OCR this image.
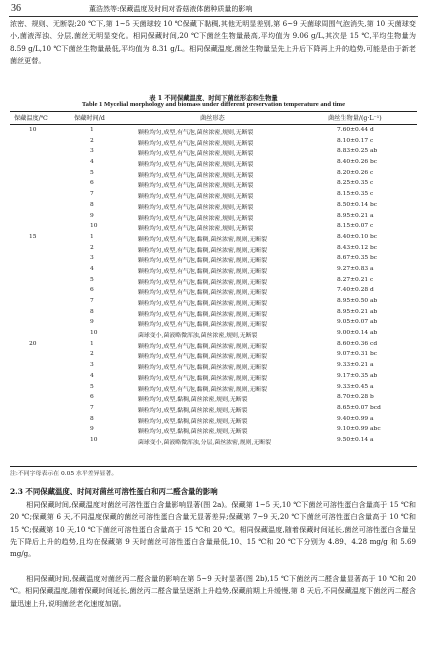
36	董浩然等:保藏温度及时间对香菇液体菌种质量的影响

浓密、规则、无断裂;20 ℃下,第 1~5 天菌球较 10 ℃保藏下黏稠,其他无明显差别,第 6~9 天菌球周围气泡消失,第 10 天菌球变小,菌液浑浊、分层,菌丝无明显变化。相同保藏时间,20 ℃下菌丝生物量最高,平均值为 9.06 g/L,其次是 15 ℃,平均生物量为 8.59 g/L,10 ℃下菌丝生物量最低,平均值为 8.31 g/L。相同保藏温度,菌丝生物量呈先上升后下降再上升的趋势,可能是由于新老菌丝更替。

表 1 不同保藏温度、时间下菌丝形态和生物量
Table 1 Mycelial morphology and biomass under different preservation temperature and time
保藏温度/℃	保藏时间/d	菌丝形态	菌丝生物量/(g·L⁻¹)
10	1	颗粒均匀,成型,有气泡,菌丝浓密,规则,无断裂	7.60±0.44 d
2	颗粒均匀,成型,有气泡,菌丝浓密,规则,无断裂	8.10±0.17 c
3	颗粒均匀,成型,有气泡,菌丝浓密,规则,无断裂	8.83±0.25 ab
4	颗粒均匀,成型,有气泡,菌丝浓密,规则,无断裂	8.40±0.26 bc
5	颗粒均匀,成型,有气泡,菌丝浓密,规则,无断裂	8.20±0.26 c
6	颗粒均匀,成型,有气泡,菌丝浓密,规则,无断裂	8.25±0.35 c
7	颗粒均匀,成型,有气泡,菌丝浓密,规则,无断裂	8.15±0.35 c
8	颗粒均匀,成型,有气泡,菌丝浓密,规则,无断裂	8.50±0.14 bc
9	颗粒均匀,成型,有气泡,菌丝浓密,规则,无断裂	8.95±0.21 a
10	颗粒均匀,成型,有气泡,菌丝浓密,规则,无断裂	8.15±0.07 c
15	1	颗粒均匀,成型,有气泡,黏稠,菌丝浓密,规则,无断裂	8.40±0.10 bc
2	颗粒均匀,成型,有气泡,黏稠,菌丝浓密,规则,无断裂	8.43±0.12 bc
3	颗粒均匀,成型,有气泡,黏稠,菌丝浓密,规则,无断裂	8.67±0.35 bc
4	颗粒均匀,成型,有气泡,黏稠,菌丝浓密,规则,无断裂	9.27±0.83 a
5	颗粒均匀,成型,有气泡,黏稠,菌丝浓密,规则,无断裂	8.27±0.21 c
6	颗粒均匀,成型,有气泡,黏稠,菌丝浓密,规则,无断裂	7.40±0.28 d
7	颗粒均匀,成型,有气泡,黏稠,菌丝浓密,规则,无断裂	8.95±0.50 ab
8	颗粒均匀,成型,有气泡,黏稠,菌丝浓密,规则,无断裂	8.95±0.21 ab
9	颗粒均匀,成型,有气泡,黏稠,菌丝浓密,规则,无断裂	9.05±0.07 ab
10	菌球变小,菌液略微浑浊,菌丝浓密,规则,无断裂	9.00±0.14 ab
20	1	颗粒均匀,成型,有气泡,黏稠,菌丝浓密,规则,无断裂	8.60±0.36 cd
2	颗粒均匀,成型,有气泡,黏稠,菌丝浓密,规则,无断裂	9.07±0.31 bc
3	颗粒均匀,成型,有气泡,黏稠,菌丝浓密,规则,无断裂	9.33±0.21 a
4	颗粒均匀,成型,有气泡,黏稠,菌丝浓密,规则,无断裂	9.17±0.35 ab
5	颗粒均匀,成型,有气泡,黏稠,菌丝浓密,规则,无断裂	9.33±0.45 a
6	颗粒均匀,成型,黏稠,菌丝浓密,规则,无断裂	8.70±0.28 b
7	颗粒均匀,成型,黏稠,菌丝浓密,规则,无断裂	8.65±0.07 bcd
8	颗粒均匀,成型,黏稠,菌丝浓密,规则,无断裂	9.40±0.99 a
9	颗粒均匀,成型,黏稠,菌丝浓密,规则,无断裂	9.10±0.99 abc
10	菌球变小,菌液略微浑浊,分层,菌丝浓密,规则,无断裂	9.50±0.14 a
注:不同字母表示在 0.05 水平差异显著。
2.3 不同保藏温度、时间对菌丝可溶性蛋白和丙二醛含量的影响

相同保藏时间,保藏温度对菌丝可溶性蛋白含量影响显著(图 2a)。保藏第 1~5 天,10 ℃下菌丝可溶性蛋白含量高于 15 ℃和 20 ℃;保藏第 6 天,不同温度保藏的菌丝可溶性蛋白含量无显著差异;保藏第 7~9 天,20 ℃下菌丝可溶性蛋白含量高于 10 ℃和 15 ℃;保藏第 10 天,10 ℃下菌丝可溶性蛋白含量高于 15 ℃和 20 ℃。相同保藏温度,随着保藏时间延长,菌丝可溶性蛋白含量呈先下降后上升的趋势,且均在保藏第 9 天时菌丝可溶性蛋白含量最低,10、15 ℃和 20 ℃下分别为 4.89、4.28 mg/g 和 5.69 mg/g。

相同保藏时间,保藏温度对菌丝丙二醛含量的影响在第 5~9 天时显著(图 2b),15 ℃下菌丝丙二醛含量显著高于 10 ℃和 20 ℃。相同保藏温度,随着保藏时间延长,菌丝丙二醛含量呈逐渐上升趋势,保藏前期上升缓慢,第 8 天后,不同保藏温度下菌丝丙二醛含量迅速上升,说明菌丝老化速度加剧。
